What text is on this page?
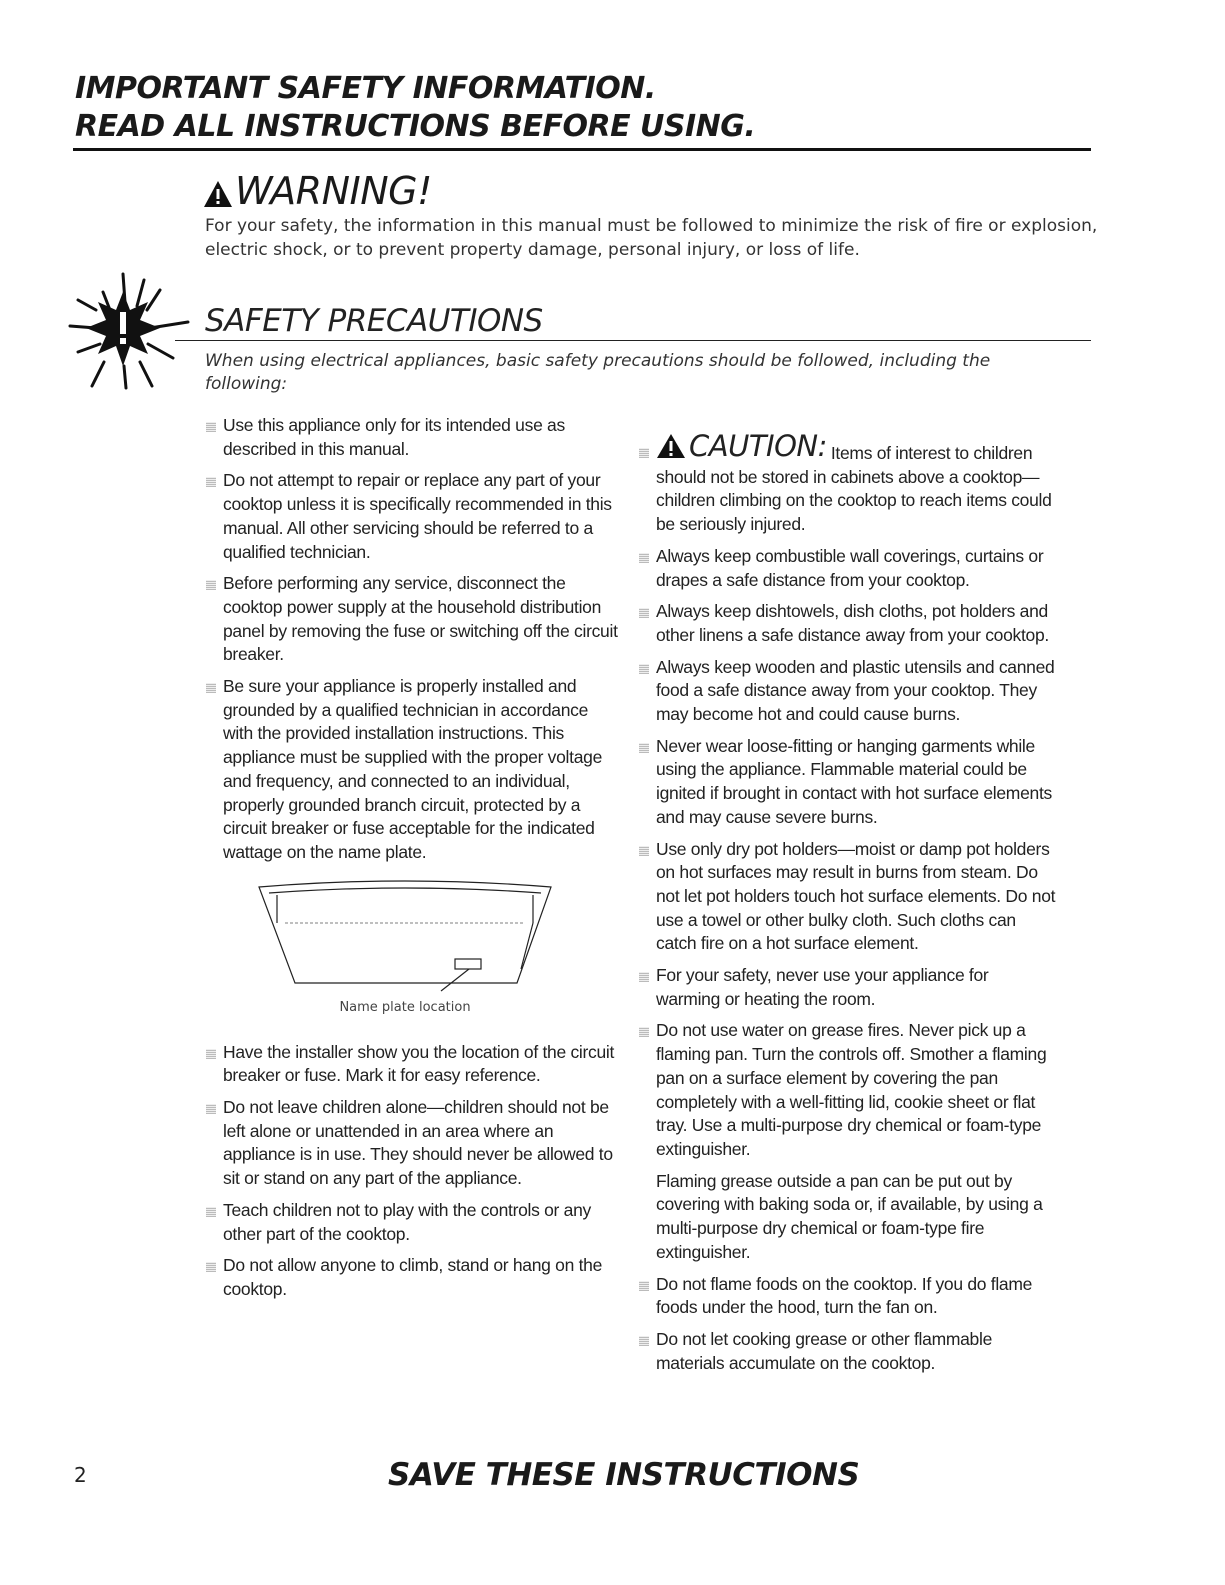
IMPORTANT SAFETY INFORMATION.
READ ALL INSTRUCTIONS BEFORE USING.
WARNING!
For your safety, the information in this manual must be followed to minimize the risk of fire or explosion, electric shock, or to prevent property damage, personal injury, or loss of life.
SAFETY PRECAUTIONS
When using electrical appliances, basic safety precautions should be followed, including the following:
Use this appliance only for its intended use as described in this manual.
Do not attempt to repair or replace any part of your cooktop unless it is specifically recommended in this manual. All other servicing should be referred to a qualified technician.
Before performing any service, disconnect the cooktop power supply at the household distribution panel by removing the fuse or switching off the circuit breaker.
Be sure your appliance is properly installed and grounded by a qualified technician in accordance with the provided installation instructions. This appliance must be supplied with the proper voltage and frequency, and connected to an individual, properly grounded branch circuit, protected by a circuit breaker or fuse acceptable for the indicated wattage on the name plate.
Name plate location
Have the installer show you the location of the circuit breaker or fuse. Mark it for easy reference.
Do not leave children alone—children should not be left alone or unattended in an area where an appliance is in use. They should never be allowed to sit or stand on any part of the appliance.
Teach children not to play with the controls or any other part of the cooktop.
Do not allow anyone to climb, stand or hang on the cooktop.
CAUTION: Items of interest to children should not be stored in cabinets above a cooktop—children climbing on the cooktop to reach items could be seriously injured.
Always keep combustible wall coverings, curtains or drapes a safe distance from your cooktop.
Always keep dishtowels, dish cloths, pot holders and other linens a safe distance away from your cooktop.
Always keep wooden and plastic utensils and canned food a safe distance away from your cooktop. They may become hot and could cause burns.
Never wear loose-fitting or hanging garments while using the appliance. Flammable material could be ignited if brought in contact with hot surface elements and may cause severe burns.
Use only dry pot holders—moist or damp pot holders on hot surfaces may result in burns from steam. Do not let pot holders touch hot surface elements. Do not use a towel or other bulky cloth. Such cloths can catch fire on a hot surface element.
For your safety, never use your appliance for warming or heating the room.
Do not use water on grease fires. Never pick up a flaming pan. Turn the controls off. Smother a flaming pan on a surface element by covering the pan completely with a well-fitting lid, cookie sheet or flat tray. Use a multi-purpose dry chemical or foam-type extinguisher.
Flaming grease outside a pan can be put out by covering with baking soda or, if available, by using a multi-purpose dry chemical or foam-type fire extinguisher.
Do not flame foods on the cooktop. If you do flame foods under the hood, turn the fan on.
Do not let cooking grease or other flammable materials accumulate on the cooktop.
2	SAVE THESE INSTRUCTIONS
